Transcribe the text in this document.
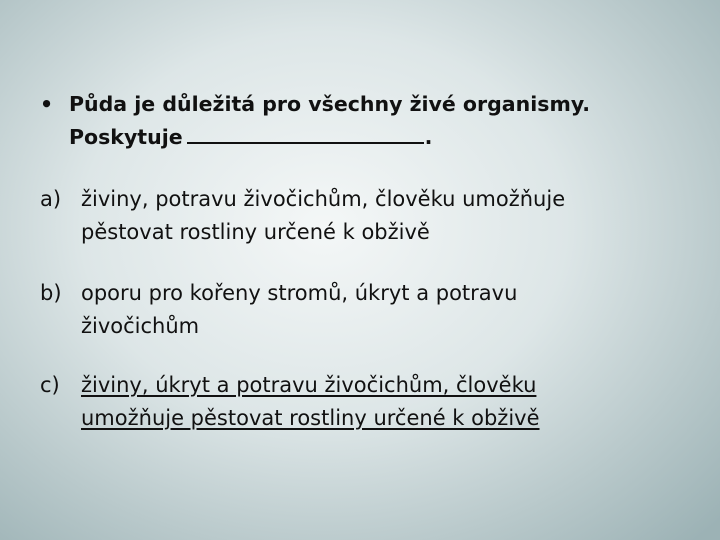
• Půda je důležitá pro všechny živé organismy.
Poskytuje	.
a) živiny, potravu živočichům, člověku umožňuje
pěstovat rostliny určené k obživě
b) oporu pro kořeny stromů, úkryt a potravu
živočichům
c) živiny, úkryt a potravu živočichům, člověku
umožňuje pěstovat rostliny určené k obživě
